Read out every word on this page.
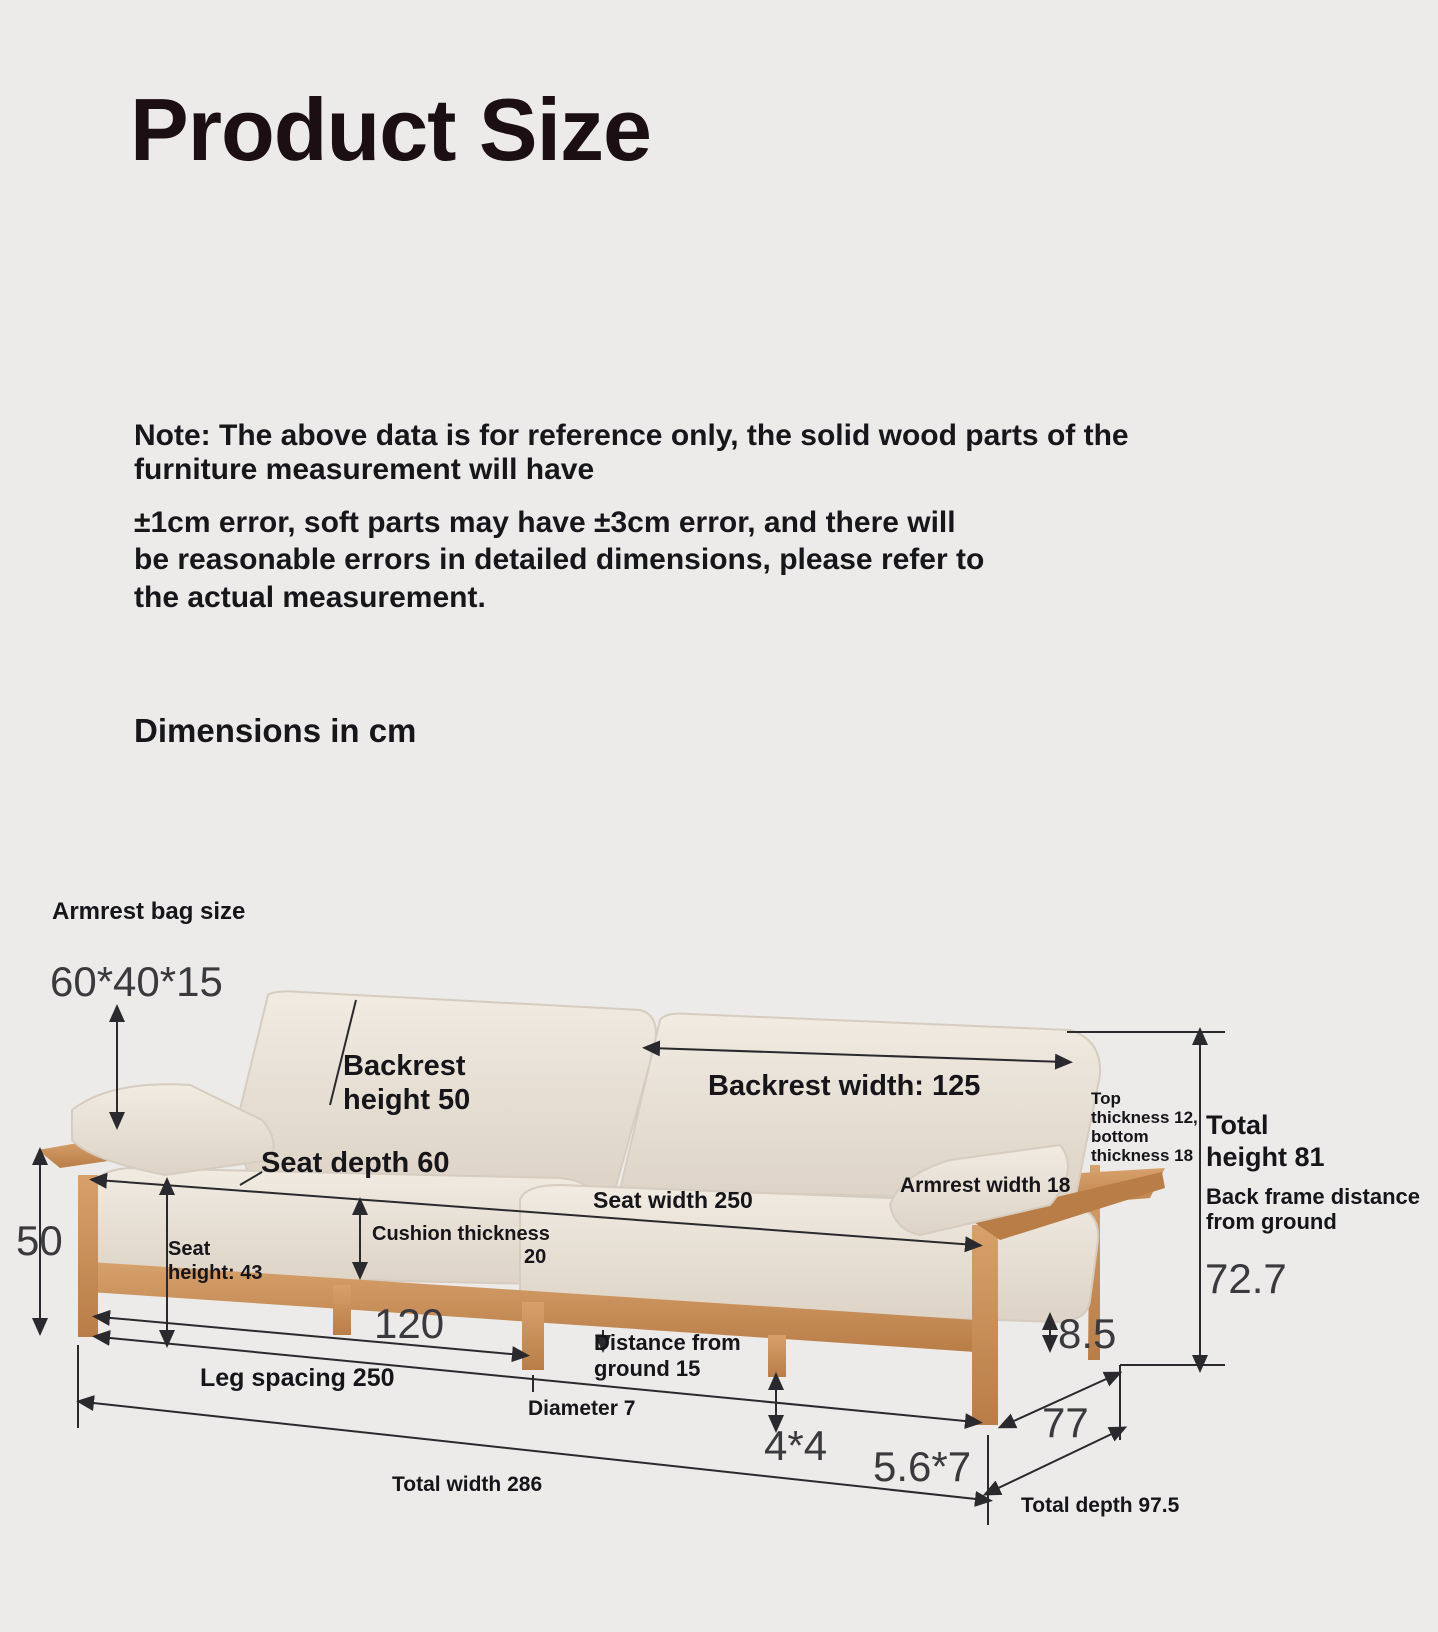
Product Size
Note: The above data is for reference only, the solid wood parts of the
furniture measurement will have
±1cm error, soft parts may have ±3cm error, and there will
be reasonable errors in detailed dimensions, please refer to
the actual measurement.
Dimensions in cm
Armrest bag size
60*40*15
50
Backrest
height 50	Backrest width: 125	Top
thickness 12,
bottom
thickness 18
Total
height 81
Back frame distance
from ground
72.7
Seat depth 60
Seat width 250
Armrest width 18
Seat
height: 43
Cushion thickness
20
120
Leg spacing 250
Distance from
ground 15
Diameter 7
4*4 5.6*7
8.5
77
Total width 286
Total depth 97.5
